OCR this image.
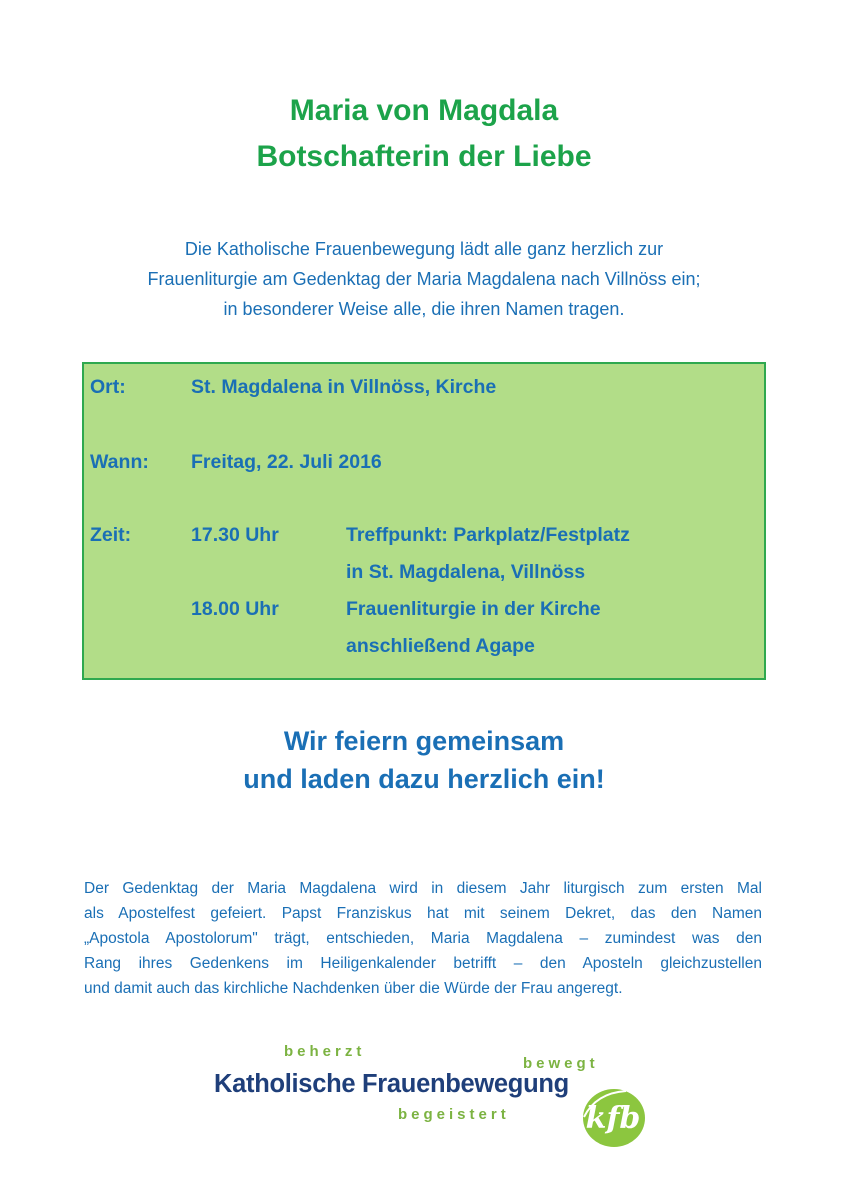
Maria von Magdala
Botschafterin der Liebe
Die Katholische Frauenbewegung lädt alle ganz herzlich zur
Frauenliturgie am Gedenktag der Maria Magdalena nach Villnöss ein;
in besonderer Weise alle, die ihren Namen tragen.
Ort:	St. Magdalena in Villnöss, Kirche
Wann: Freitag, 22. Juli 2016
Zeit:	17.30 Uhr	Treffpunkt: Parkplatz/Festplatz
in St. Magdalena, Villnöss
18.00 Uhr	Frauenliturgie in der Kirche
anschließend Agape
Wir feiern gemeinsam
und laden dazu herzlich ein!
Der Gedenktag der Maria Magdalena wird in diesem Jahr liturgisch zum ersten Mal
als Apostelfest gefeiert. Papst Franziskus hat mit seinem Dekret, das den Namen
„Apostola Apostolorum" trägt, entschieden, Maria Magdalena – zumindest was den
Rang ihres Gedenkens im Heiligenkalender betrifft – den Aposteln gleichzustellen
und damit auch das kirchliche Nachdenken über die Würde der Frau angeregt.
beherzt
bewegt
Katholische Frauenbewegung
begeistert	kfb
